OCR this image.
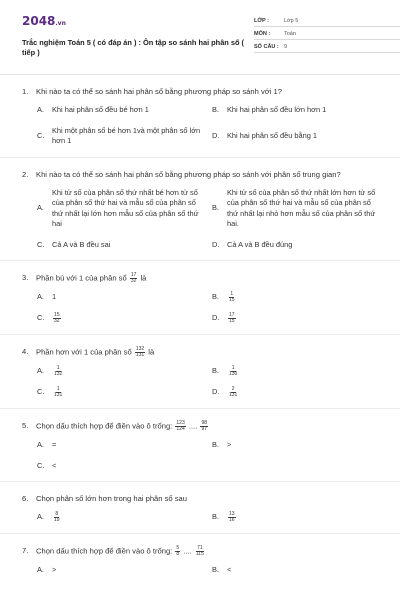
2048.vn
Trắc nghiệm Toán 5 ( có đáp án ) : Ôn tập so sánh hai phân số ( tiếp )
LỚP :	Lớp 5
MÔN :	Toán
SỐ CÂU : 9
1.	Khi nào ta có thể so sánh hai phân số bằng phương pháp so sánh với 1?
A.	Khi hai phân số đều bé hơn 1	B.	Khi hai phân số đều lớn hơn 1
C.
Khi một phân số bé hơn 1và một phân số lớn hơn 1
D.	Khi hai phân số đều bằng 1
2.	Khi nào ta có thể so sánh hai phân số bằng phương pháp so sánh với phân số trung gian?
A.
Khi tử số của phân số thứ nhất bé hơn tử số của phân số thứ hai và mẫu số của phân số thứ nhất lại lớn hơn mẫu số của phân số thứ hai
B.
Khi tử số của phân số thứ nhất lớn hơn tử số của phân số thứ hai và mẫu số của phân số thứ nhất lại nhỏ hơn mẫu số của phân số thứ hai.
C.	Cả A và B đều sai	D.	Cả A và B đều đúng
3.	Phần bù với 1 của phân số $\frac{17}{32}$ là
A.	1	B.	$\frac{1}{15}$
C.	$\frac{15}{32}$	D.	$\frac{17}{15}$
4.	Phần hơn với 1 của phân số $\frac{132}{131}$ là
A.	$\frac{1}{132}$	B.	$\frac{1}{130}$
C.	$\frac{1}{131}$	D.	$\frac{2}{131}$
5.	Chọn dấu thích hợp để điền vào ô trống: $\frac{123}{124}$ .... $\frac{98}{97}$
A.	=	B.	>
C.	<
6.	Chọn phân số lớn hơn trong hai phân số sau
A.	$\frac{8}{19}$	B.	$\frac{13}{16}$
7.	Chọn dấu thích hợp để điền vào ô trống: $\frac{5}{8}$ .... $\frac{71}{115}$
A.	>	B.	<
